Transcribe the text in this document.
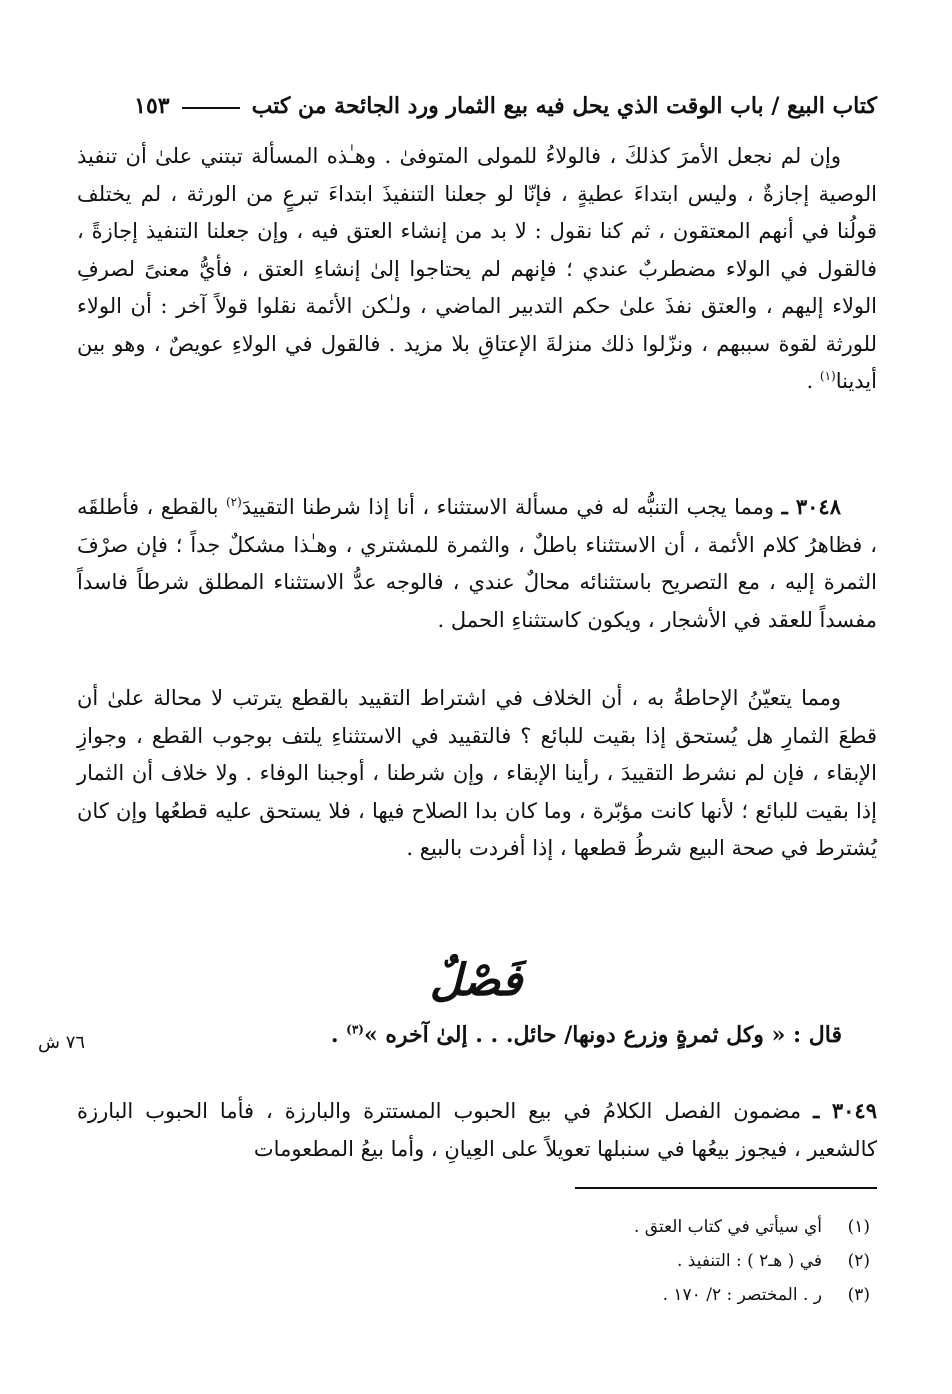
كتاب البيع / باب الوقت الذي يحل فيه بيع الثمار ورد الجائحة من كتب
١٥٣

وإن لم نجعل الأمرَ كذلكَ ، فالولاءُ للمولى المتوفىٰ . وهـٰذه المسألة تبتني علىٰ أن تنفيذ الوصية إجازةٌ ، وليس ابتداءَ عطيةٍ ، فإنّا لو جعلنا التنفيذَ ابتداءَ تبرعٍ من الورثة ، لم يختلف قولُنا في أنهم المعتقون ، ثم كنا نقول : لا بد من إنشاء العتق فيه ، وإن جعلنا التنفيذ إجازةً ، فالقول في الولاء مضطربٌ عندي ؛ فإنهم لم يحتاجوا إلىٰ إنشاءِ العتق ، فأيُّ معنىً لصرفِ الولاء إليهم ، والعتق نفذَ علىٰ حكم التدبير الماضي ، ولـٰكن الأئمة نقلوا قولاً آخر : أن الولاء للورثة لقوة سببهم ، ونزّلوا ذلك منزلةَ الإعتاقِ بلا مزيد . فالقول في الولاءِ عويصٌ ، وهو بين أيدينا$^{(١)}$ .

٣٠٤٨ ـ ومما يجب التنبُّه له في مسألة الاستثناء ، أنا إذا شرطنا التقييدَ$^{(٢)}$ بالقطع ، فأطلقَه ، فظاهرُ كلام الأئمة ، أن الاستثناء باطلٌ ، والثمرة للمشتري ، وهـٰذا مشكلٌ جداً ؛ فإن صرْفَ الثمرة إليه ، مع التصريح باستثنائه محالٌ عندي ، فالوجه عدُّ الاستثناء المطلق شرطاً فاسداً مفسداً للعقد في الأشجار ، ويكون كاستثناءِ الحمل .

ومما يتعيّنُ الإحاطةُ به ، أن الخلاف في اشتراط التقييد بالقطع يترتب لا محالة علىٰ أن قطعَ الثمارِ هل يُستحق إذا بقيت للبائع ؟ فالتقييد في الاستثناءِ يلتف بوجوب القطع ، وجوازِ الإبقاء ، فإن لم نشرط التقييدَ ، رأينا الإبقاء ، وإن شرطنا ، أوجبنا الوفاء . ولا خلاف أن الثمار إذا بقيت للبائع ؛ لأنها كانت مؤبّرة ، وما كان بدا الصلاح فيها ، فلا يستحق عليه قطعُها وإن كان يُشترط في صحة البيع شرطُ قطعها ، إذا أفردت بالبيع .

فَصْلٌ
قال : « وكل ثمرةٍ وزرع دونها/ حائل. . . إلىٰ آخره »$^{(٣)}$ .
٧٦ ش

٣٠٤٩ ـ مضمون الفصل الكلامُ في بيع الحبوب المستترة والبارزة ، فأما الحبوب البارزة كالشعير ، فيجوز بيعُها في سنبلها تعويلاً على العِيانِ ، وأما بيعُ المطعومات

(١)
أي سيأتي في كتاب العتق .
(٢)
في ( هـ٢ ) : التنفيذ .
(٣)
ر . المختصر : ٢/ ١٧٠ .
